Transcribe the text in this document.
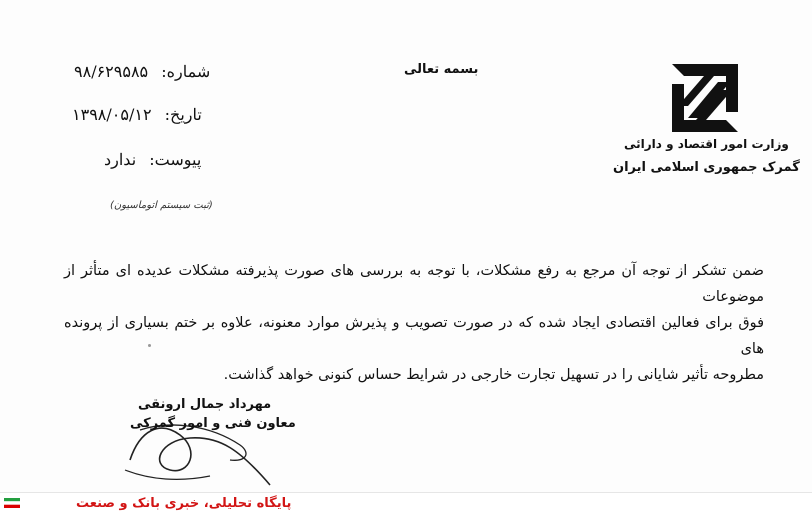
بسمه تعالی
شماره: ۹۸/۶۲۹۵۸۵
تاریخ: ۱۳۹۸/۰۵/۱۲
پیوست: ندارد
(ثبت سیستم اتوماسیون)
وزارت امور اقتصاد و دارائی
گمرک جمهوری اسلامی ایران

ضمن تشکر از توجه آن مرجع به رفع مشکلات، با توجه به بررسی های صورت پذیرفته مشکلات عدیده ای متأثر از موضوعات

فوق برای فعالین اقتصادی ایجاد شده که در صورت تصویب و پذیرش موارد معنونه، علاوه بر ختم بسیاری از پرونده های

مطروحه تأثیر شایانی را در تسهیل تجارت خارجی در شرایط حساس کنونی خواهد گذاشت.

مهرداد جمال ارونقی
معاون فنی و امور گمرکی
پایگاه تحلیلی، خبری بانک و صنعت
